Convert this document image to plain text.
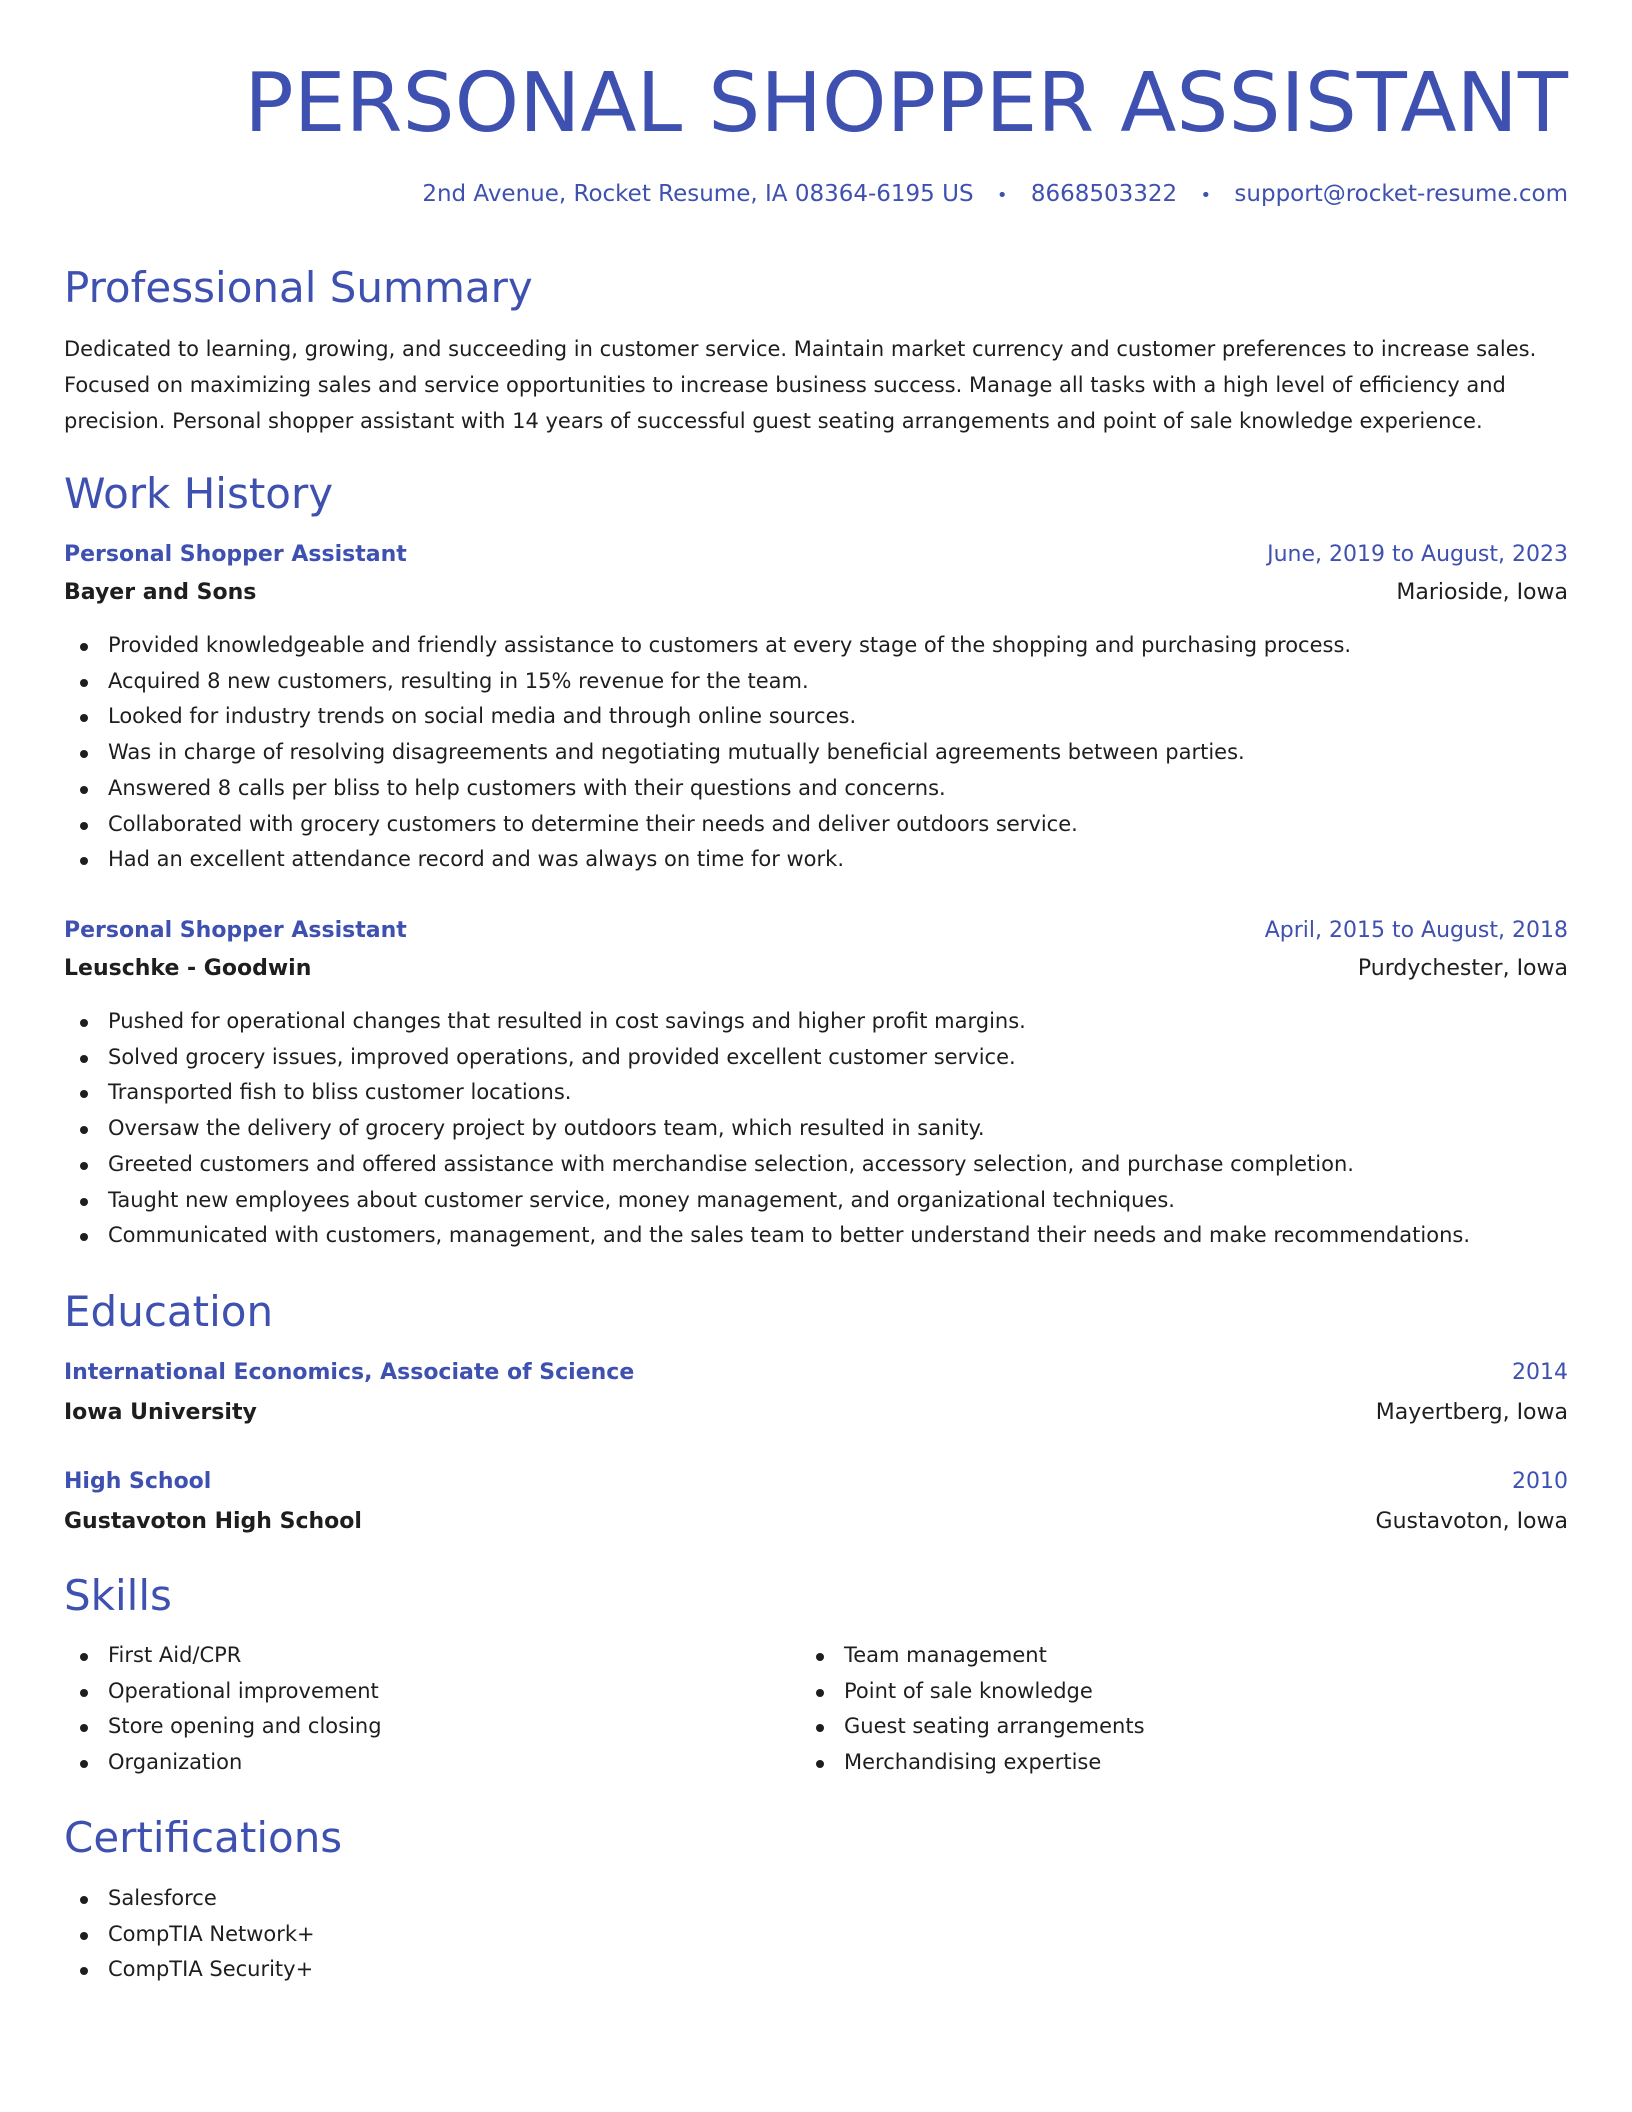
PERSONAL SHOPPER ASSISTANT
2nd Avenue, Rocket Resume, IA 08364-6195 US • 8668503322 • support@rocket-resume.com
Professional Summary

Dedicated to learning, growing, and succeeding in customer service. Maintain market currency and customer preferences to increase sales.

Focused on maximizing sales and service opportunities to increase business success. Manage all tasks with a high level of efficiency and

precision. Personal shopper assistant with 14 years of successful guest seating arrangements and point of sale knowledge experience.

Work History
Personal Shopper Assistant	June, 2019 to August, 2023
Bayer and Sons	Marioside, Iowa
Provided knowledgeable and friendly assistance to customers at every stage of the shopping and purchasing process.
Acquired 8 new customers, resulting in 15% revenue for the team.
Looked for industry trends on social media and through online sources.
Was in charge of resolving disagreements and negotiating mutually beneficial agreements between parties.
Answered 8 calls per bliss to help customers with their questions and concerns.
Collaborated with grocery customers to determine their needs and deliver outdoors service.
Had an excellent attendance record and was always on time for work.
Personal Shopper Assistant	April, 2015 to August, 2018
Leuschke - Goodwin	Purdychester, Iowa
Pushed for operational changes that resulted in cost savings and higher profit margins.
Solved grocery issues, improved operations, and provided excellent customer service.
Transported fish to bliss customer locations.
Oversaw the delivery of grocery project by outdoors team, which resulted in sanity.
Greeted customers and offered assistance with merchandise selection, accessory selection, and purchase completion.
Taught new employees about customer service, money management, and organizational techniques.
Communicated with customers, management, and the sales team to better understand their needs and make recommendations.
Education
International Economics, Associate of Science	2014
Iowa University	Mayertberg, Iowa
High School	2010
Gustavoton High School	Gustavoton, Iowa
Skills
First Aid/CPR
Operational improvement
Store opening and closing
Organization
Team management
Point of sale knowledge
Guest seating arrangements
Merchandising expertise
Certifications
Salesforce
CompTIA Network+
CompTIA Security+
